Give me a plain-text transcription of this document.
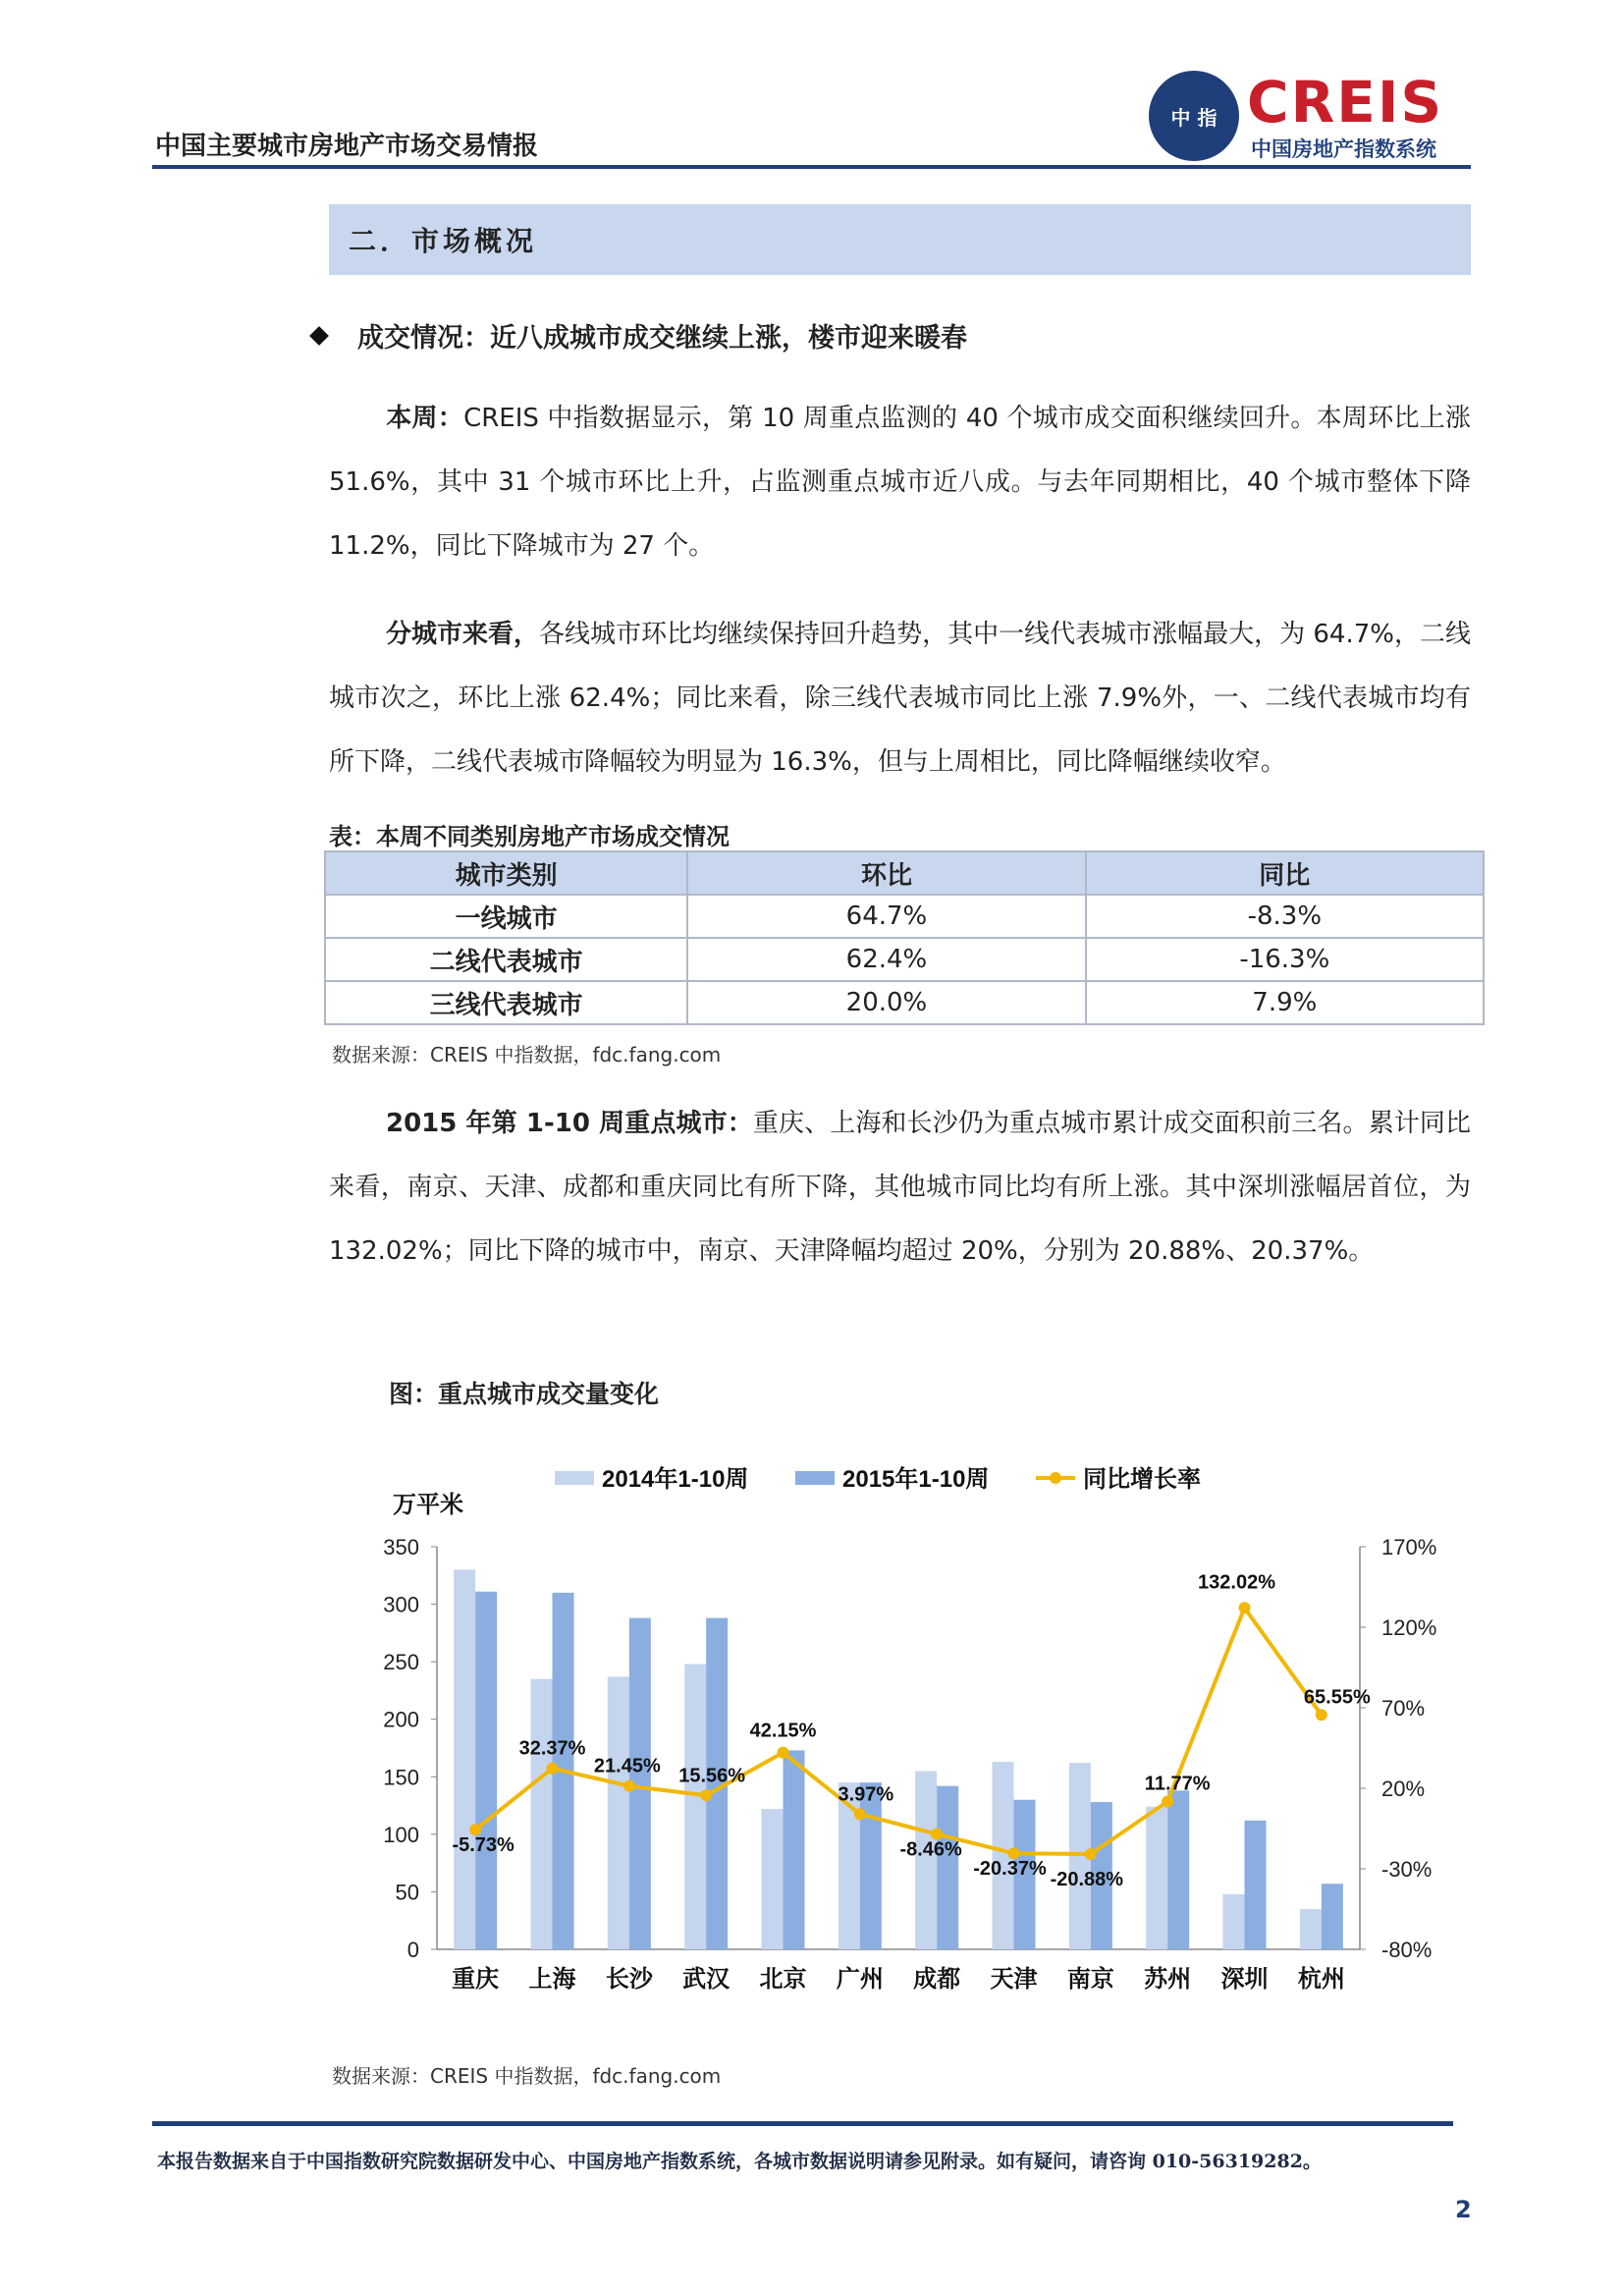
中国主要城市房地产市场交易情报
中 指 CREIS
中国房地产指数系统
二．市场概况
成交情况：近八成城市成交继续上涨，楼市迎来暖春
本周：CREIS 中指数据显示，第 10 周重点监测的 40 个城市成交面积继续回升。本周环比上涨 51.6%，其中 31 个城市环比上升，占监测重点城市近八成。与去年同期相比，40 个城市整体下降 11.2%，同比下降城市为 27 个。
分城市来看，各线城市环比均继续保持回升趋势，其中一线代表城市涨幅最大，为 64.7%，二线城市次之，环比上涨 62.4%；同比来看，除三线代表城市同比上涨 7.9%外，一、二线代表城市均有所下降，二线代表城市降幅较为明显为 16.3%，但与上周相比，同比降幅继续收窄。
表：本周不同类别房地产市场成交情况
城市类别	环比	同比
一线城市	64.7%	-8.3%
二线代表城市	62.4%	-16.3%
三线代表城市	20.0%	7.9%
数据来源：CREIS 中指数据，fdc.fang.com
2015 年第 1-10 周重点城市：重庆、上海和长沙仍为重点城市累计成交面积前三名。累计同比来看，南京、天津、成都和重庆同比有所下降，其他城市同比均有所上涨。其中深圳涨幅居首位，为 132.02%；同比下降的城市中，南京、天津降幅均超过 20%，分别为 20.88%、20.37%。
图：重点城市成交量变化
0
50
100
150
200
250
300
350
-80%
-30%
20%
70%
120%
170%
万平米
重庆 上海 长沙 武汉 北京 广州 成都 天津 南京 苏州 深圳 杭州
-5.73%
32.37%
21.45% 15.56%
42.15%
3.97%
-8.46%
-20.37% -20.88%
11.77%
132.02%
65.55%
2014年1-10周	2015年1-10周	同比增长率
数据来源：CREIS 中指数据，fdc.fang.com
本报告数据来自于中国指数研究院数据研发中心、中国房地产指数系统，各城市数据说明请参见附录。如有疑问，请咨询 010-56319282。
2
